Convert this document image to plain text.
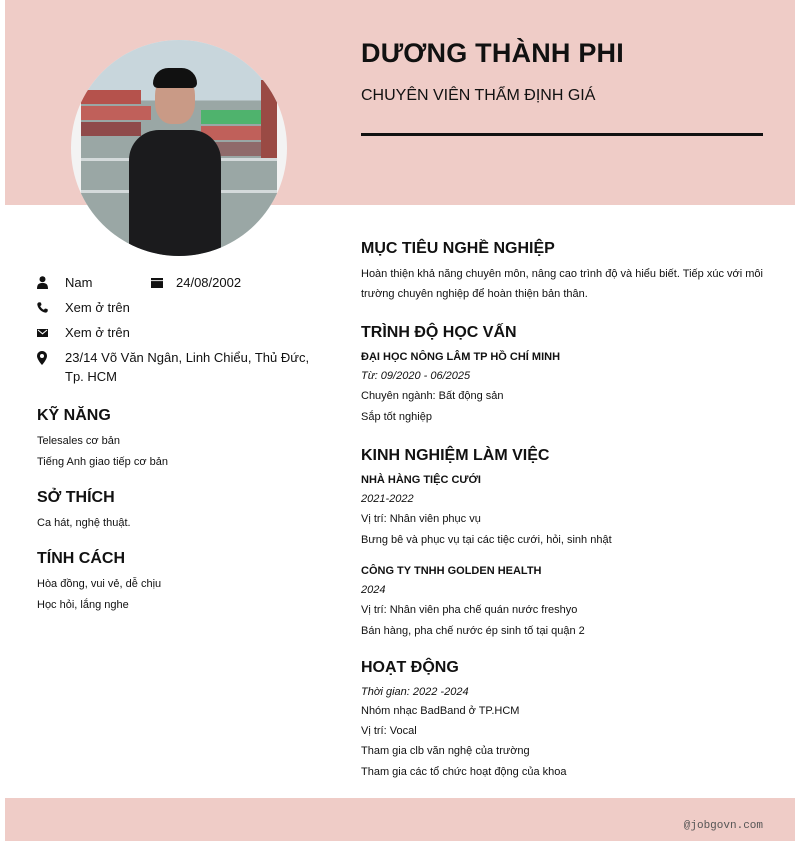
DƯƠNG THÀNH PHI
CHUYÊN VIÊN THẨM ĐỊNH GIÁ
Nam	24/08/2002
Xem ở trên
Xem ở trên
23/14 Võ Văn Ngân, Linh Chiểu, Thủ Đức, Tp. HCM
KỸ NĂNG
Telesales cơ bản
Tiếng Anh giao tiếp cơ bản
SỞ THÍCH
Ca hát, nghệ thuật.
TÍNH CÁCH
Hòa đồng, vui vẻ, dễ chịu
Học hỏi, lắng nghe
MỤC TIÊU NGHỀ NGHIỆP
Hoàn thiện khả năng chuyên môn, nâng cao trình độ và hiểu biết. Tiếp xúc với môi trường chuyên nghiệp để hoàn thiện bản thân.
TRÌNH ĐỘ HỌC VẤN
ĐẠI HỌC NÔNG LÂM TP HỒ CHÍ MINH
Từ: 09/2020 - 06/2025
Chuyên ngành: Bất động sản
Sắp tốt nghiệp
KINH NGHIỆM LÀM VIỆC
NHÀ HÀNG TIỆC CƯỚI
2021-2022
Vị trí: Nhân viên phục vụ
Bưng bê và phục vụ tại các tiệc cưới, hỏi, sinh nhật
CÔNG TY TNHH GOLDEN HEALTH
2024
Vị trí: Nhân viên pha chế quán nước freshyo
Bán hàng, pha chế nước ép sinh tố tại quận 2
HOẠT ĐỘNG
Thời gian: 2022 -2024
Nhóm nhạc BadBand ở TP.HCM
Vị trí: Vocal
Tham gia clb văn nghệ của trường
Tham gia các tổ chức hoạt động của khoa
@jobgovn.com
